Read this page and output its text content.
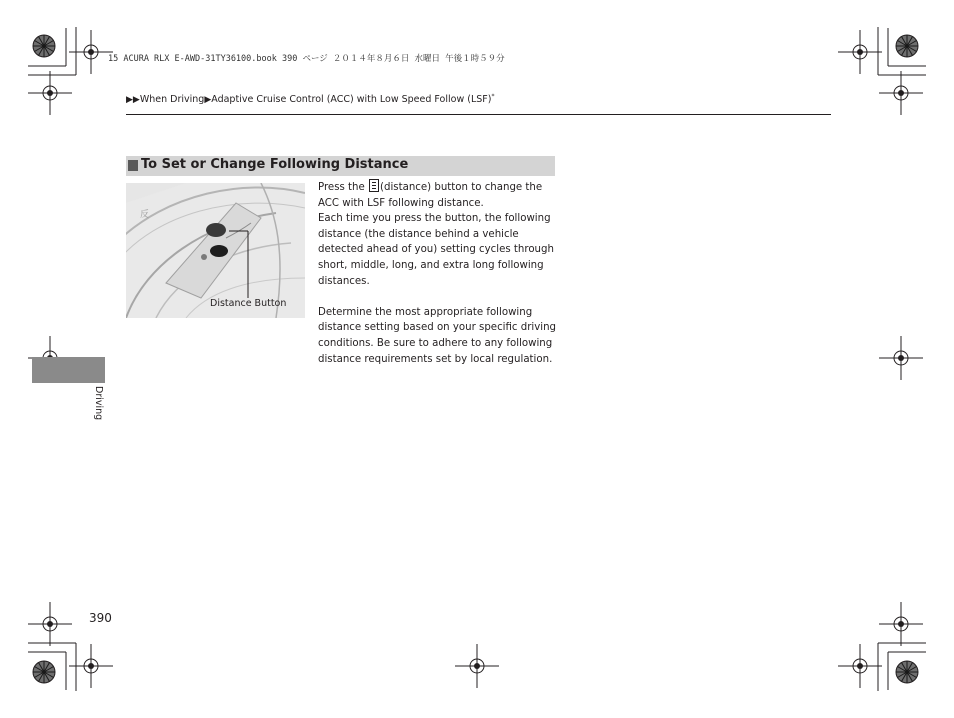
15 ACURA RLX E-AWD-31TY36100.book 390 ページ ２０１４年８月６日 水曜日 午後１時５９分
▶▶When Driving▶Adaptive Cruise Control (ACC) with Low Speed Follow (LSF)*
To Set or Change Following Distance
反
Distance Button

Press the (distance) button to change the ACC with LSF following distance.
Each time you press the button, the following distance (the distance behind a vehicle detected ahead of you) setting cycles through short, middle, long, and extra long following distances.

Determine the most appropriate following distance setting based on your specific driving conditions. Be sure to adhere to any following distance requirements set by local regulation.

Driving
390
